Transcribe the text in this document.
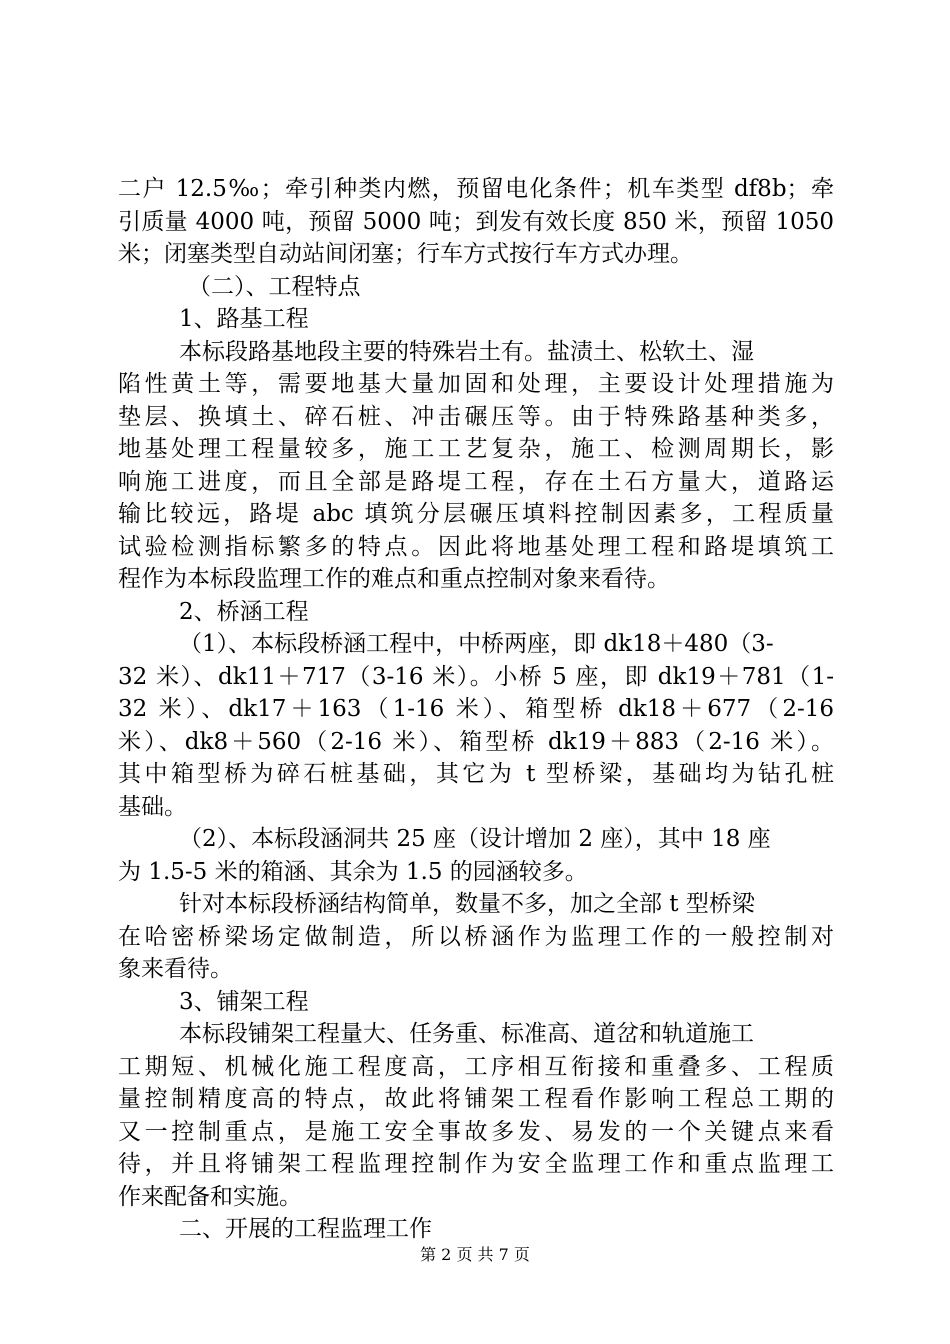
二户 12.5‰；牵引种类内燃，预留电化条件；机车类型 df8b；牵
引质量 4000 吨，预留 5000 吨；到发有效长度 850 米，预留 1050
米；闭塞类型自动站间闭塞；行车方式按行车方式办理。
（二）、工程特点
1、路基工程
本标段路基地段主要的特殊岩土有。盐渍土、松软土、湿
陷性黄土等，需要地基大量加固和处理，主要设计处理措施为
垫层、换填土、碎石桩、冲击碾压等。由于特殊路基种类多，
地基处理工程量较多，施工工艺复杂，施工、检测周期长，影
响施工进度，而且全部是路堤工程，存在土石方量大，道路运
输比较远，路堤 abc 填筑分层碾压填料控制因素多，工程质量
试验检测指标繁多的特点。因此将地基处理工程和路堤填筑工
程作为本标段监理工作的难点和重点控制对象来看待。
2、桥涵工程
（1）、本标段桥涵工程中，中桥两座，即 dk18＋480（3-
32 米）、dk11＋717（3-16 米）。小桥 5 座，即 dk19＋781（1-
32 米）、dk17＋163（1-16 米）、箱型桥 dk18＋677（2-16
米）、dk8＋560（2-16 米）、箱型桥 dk19＋883（2-16 米）。
其中箱型桥为碎石桩基础，其它为 t 型桥梁，基础均为钻孔桩
基础。
（2）、本标段涵洞共 25 座（设计增加 2 座），其中 18 座
为 1.5-5 米的箱涵、其余为 1.5 的园涵较多。
针对本标段桥涵结构简单，数量不多，加之全部 t 型桥梁
在哈密桥梁场定做制造，所以桥涵作为监理工作的一般控制对
象来看待。
3、铺架工程
本标段铺架工程量大、任务重、标准高、道岔和轨道施工
工期短、机械化施工程度高，工序相互衔接和重叠多、工程质
量控制精度高的特点，故此将铺架工程看作影响工程总工期的
又一控制重点，是施工安全事故多发、易发的一个关键点来看
待，并且将铺架工程监理控制作为安全监理工作和重点监理工
作来配备和实施。
二、开展的工程监理工作
第 2 页 共 7 页
